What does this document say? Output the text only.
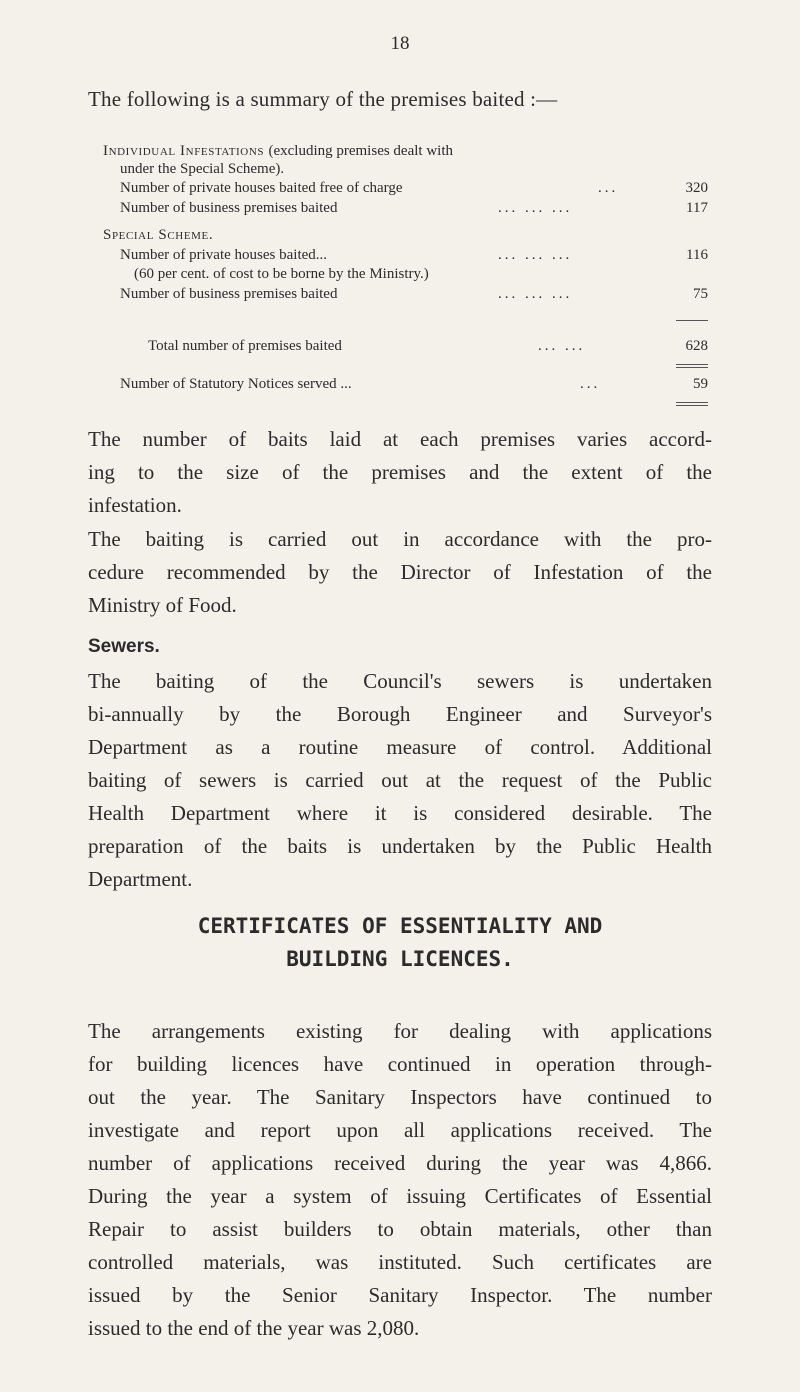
18
The following is a summary of the premises baited :—
Individual Infestations (excluding premises dealt with
under the Special Scheme).
Number of private houses baited free of charge	...	320
Number of business premises baited	... ... ...	117
Special Scheme.
Number of private houses baited...	... ... ...	116
(60 per cent. of cost to be borne by the Ministry.)
Number of business premises baited	... ... ...	75
Total number of premises baited	... ...	628
Number of Statutory Notices served ...	...	59
The number of baits laid at each premises varies accord-
ing to the size of the premises and the extent of the
infestation.
The baiting is carried out in accordance with the pro-
cedure recommended by the Director of Infestation of the
Ministry of Food.
Sewers.
The baiting of the Council's sewers is undertaken
bi-annually by the Borough Engineer and Surveyor's
Department as a routine measure of control. Additional
baiting of sewers is carried out at the request of the Public
Health Department where it is considered desirable. The
preparation of the baits is undertaken by the Public Health
Department.
CERTIFICATES OF ESSENTIALITY AND
BUILDING LICENCES.
The arrangements existing for dealing with applications
for building licences have continued in operation through-
out the year. The Sanitary Inspectors have continued to
investigate and report upon all applications received. The
number of applications received during the year was 4,866.
During the year a system of issuing Certificates of Essential
Repair to assist builders to obtain materials, other than
controlled materials, was instituted. Such certificates are
issued by the Senior Sanitary Inspector. The number
issued to the end of the year was 2,080.
